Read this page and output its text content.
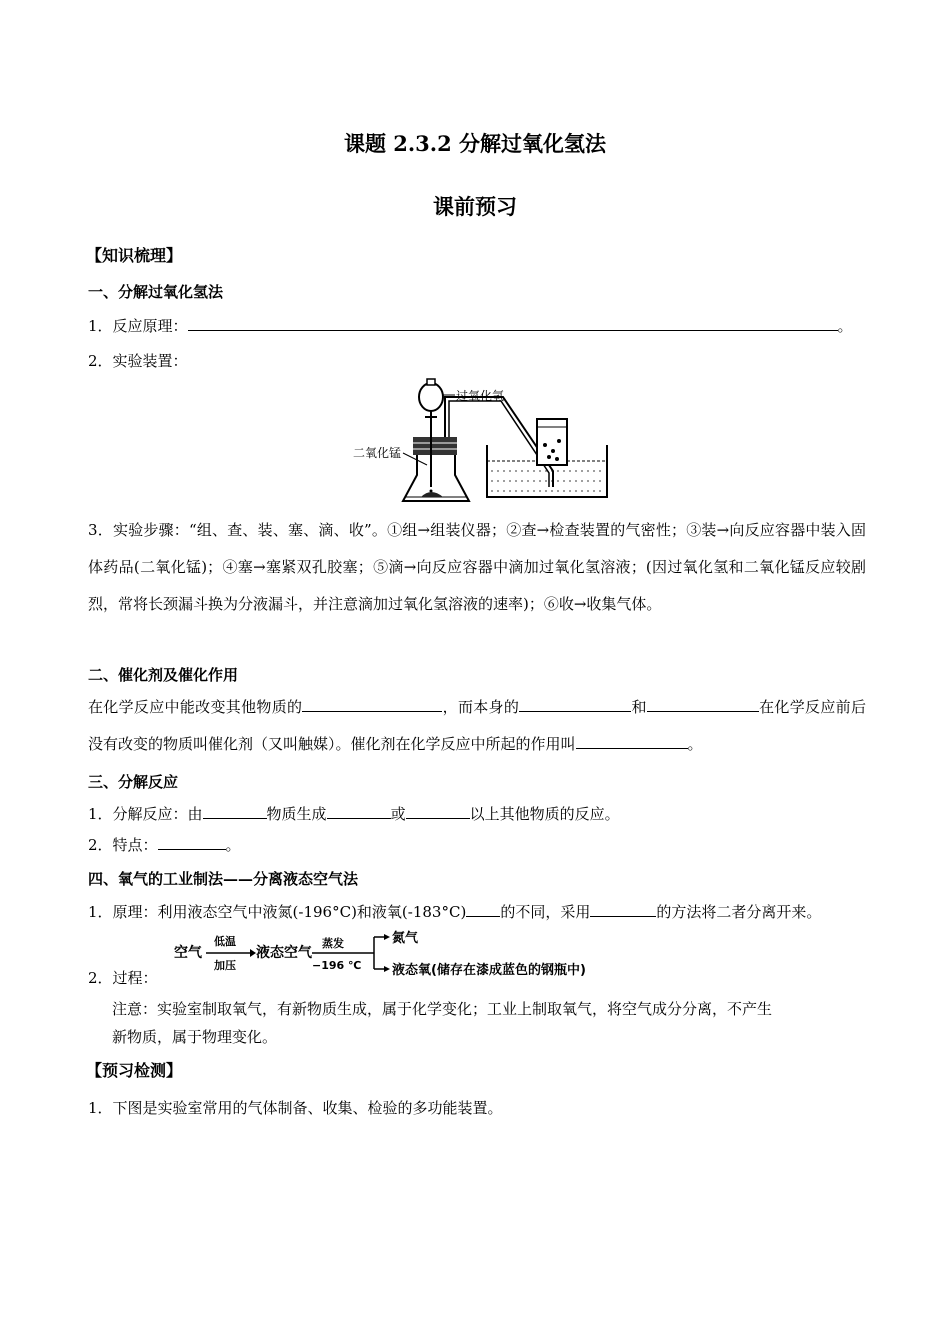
课题 2.3.2 分解过氧化氢法
课前预习
【知识梳理】
一、分解过氧化氢法
1．反应原理：	。
2．实验装置：
过氧化氢
二氧化锰
3．实验步骤：“组、查、装、塞、滴、收”。①组→组装仪器；②查→检查装置的气密性；③装→向反应容器中装入固体药品(二氧化锰)；④塞→塞紧双孔胶塞；⑤滴→向反应容器中滴加过氧化氢溶液；(因过氧化氢和二氧化锰反应较剧烈，常将长颈漏斗换为分液漏斗，并注意滴加过氧化氢溶液的速率)；⑥收→收集气体。
二、催化剂及催化作用
在化学反应中能改变其他物质的	，而本身的	和	在化学反应前后没有改变的物质叫催化剂（又叫触媒）。催化剂在化学反应中所起的作用叫	。
三、分解反应
1．分解反应：由	物质生成	或	以上其他物质的反应。
2．特点：	。
四、氧气的工业制法——分离液态空气法
1．原理：利用液态空气中液氮(-196°C)和液氧(-183°C) 的不同，采用	的方法将二者分离开来。
2．过程：
空气
低温
加压
液态空气
蒸发
−196 ℃
氮气
液态氧(储存在漆成蓝色的钢瓶中)
注意：实验室制取氧气，有新物质生成，属于化学变化；工业上制取氧气，将空气成分分离，不产生
新物质，属于物理变化。
【预习检测】
1．下图是实验室常用的气体制备、收集、检验的多功能装置。
